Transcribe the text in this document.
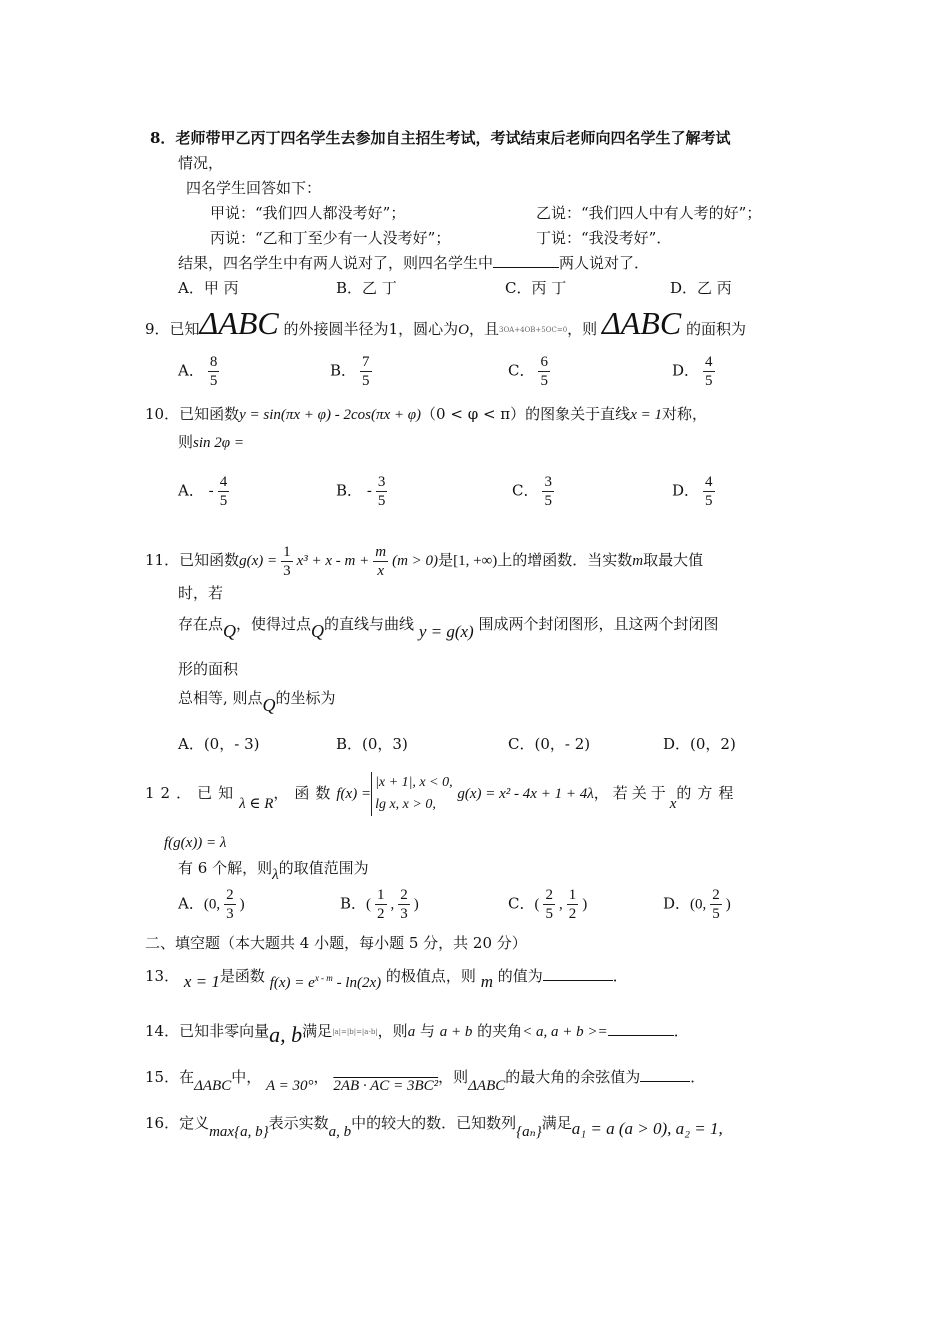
8．老师带甲乙丙丁四名学生去参加自主招生考试，考试结束后老师向四名学生了解考试
情况，
四名学生回答如下：
甲说：“我们四人都没考好”；	乙说：“我们四人中有人考的好”；
丙说：“乙和丁至少有一人没考好”；	丁说：“我没考好”．
结果，四名学生中有两人说对了，则四名学生中	两人说对了．
A．甲 丙	B．乙 丁	C．丙 丁	D．乙 丙
9．已知ΔABC 的外接圆半径为1，圆心为O，且3OA+4OB+5OC=0，则 ΔABC 的面积为
A． $\frac{8}{5}$	B． $\frac{7}{5}$	C． $\frac{6}{5}$	D． $\frac{4}{5}$
10．已知函数y = sin(πx + φ) - 2cos(πx + φ)（0 < φ < π）的图象关于直线x = 1对称，
则sin 2φ =
A． - $\frac{4}{5}$	B． - $\frac{3}{5}$	C． $\frac{3}{5}$	D． $\frac{4}{5}$
11．已知函数$g(x) = \frac{1}{3} x^3 + x - m + \frac{m}{x} (m > 0)$是[1, +∞)上的增函数．当实数m取最大值
时，若
存在点Q，使得过点Q的直线与曲线 y = g(x) 围成两个封闭图形，且这两个封闭图
形的面积
总相等, 则点Q的坐标为
A．(0，- 3)	B．(0，3)	C．(0，- 2)	D．(0，2)
12．已知λ ∈ R，函数f(x) =
|x + 1|, x < 0,
lg x, x > 0,
g(x) = x² - 4x + 1 + 4λ，若关于x的方程
f(g(x)) = λ
有 6 个解，则λ的取值范围为
A．(0, $\frac{2}{3}$ )	B．( $\frac{1}{2}$ , $\frac{2}{3}$ )	C．( $\frac{2}{5}$ , $\frac{1}{2}$ )	D．(0, $\frac{2}{5}$ )
二、填空题（本大题共 4 小题，每小题 5 分，共 20 分）
13． x = 1是函数 $f(x) = e^{x - m} - \ln(2x)$ 的极值点，则 m 的值为	．
14．已知非零向量a, b满足|a|=|b|=|a-b|，则a 与 a + b 的夹角< a, a + b >=	．
15．在ΔABC中， A = 30°， 2AB · AC = 3BC²，则ΔABC的最大角的余弦值为	．
16．定义max{a, b}表示实数a, b中的较大的数．已知数列{aₙ}满足a₁ = a (a > 0), a₂ = 1,
